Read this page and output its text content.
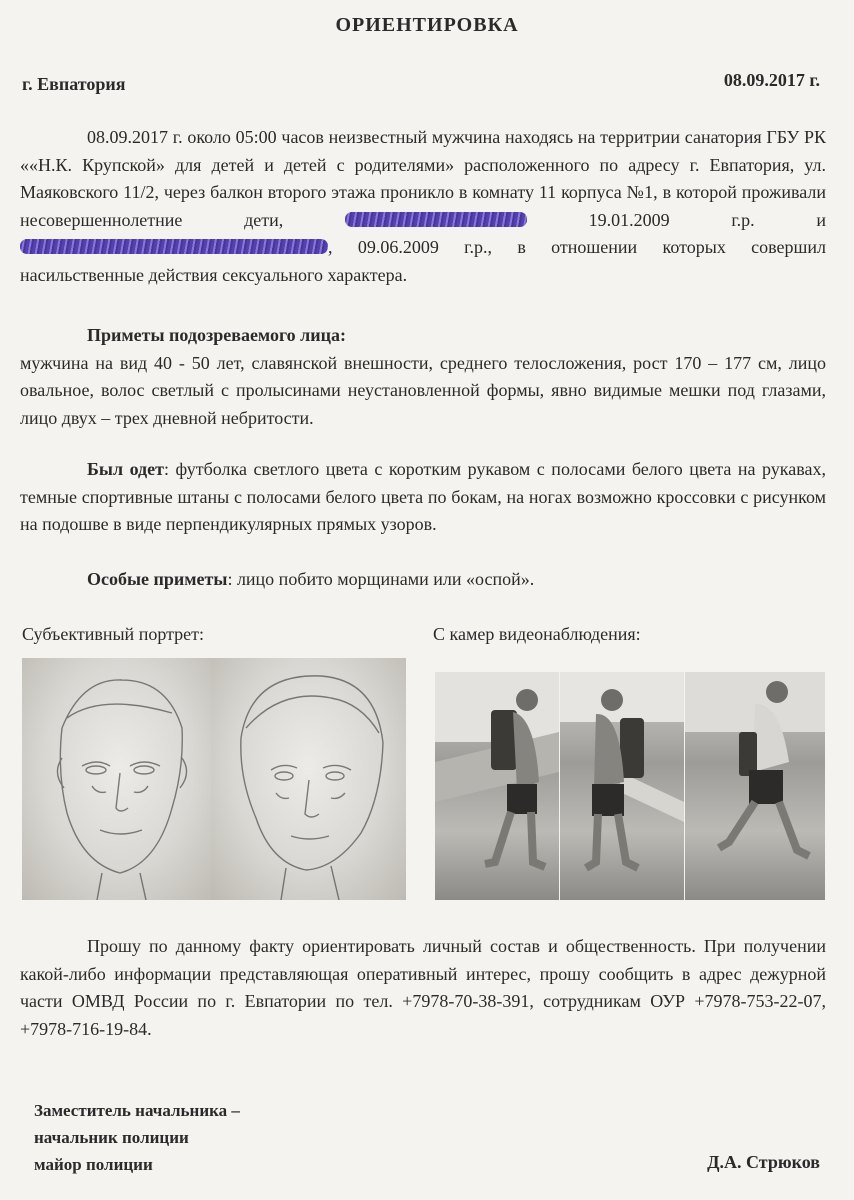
ОРИЕНТИРОВКА
г. Евпатория	08.09.2017 г.
08.09.2017 г. около 05:00 часов неизвестный мужчина находясь на территрии санатория ГБУ РК ««Н.К. Крупской» для детей и детей с родителями» расположенного по адресу г. Евпатория, ул. Маяковского 11/2, через балкон второго этажа проникло в комнату 11 корпуса №1, в которой проживали несовершеннолетние дети,	19.01.2009 г.р. и , 09.06.2009 г.р., в отношении которых совершил насильственные действия сексуального характера.
Приметы подозреваемого лица:
мужчина на вид 40 - 50 лет, славянской внешности, среднего телосложения, рост 170 – 177 см, лицо овальное, волос светлый с пролысинами неустановленной формы, явно видимые мешки под глазами, лицо двух – трех дневной небритости.
Был одет: футболка светлого цвета с коротким рукавом с полосами белого цвета на рукавах, темные спортивные штаны с полосами белого цвета по бокам, на ногах возможно кроссовки с рисунком на подошве в виде перпендикулярных прямых узоров.
Особые приметы: лицо побито морщинами или «оспой».
Субъективный портрет:	С камер видеонаблюдения:
Прошу по данному факту ориентировать личный состав и общественность. При получении какой-либо информации представляющая оперативный интерес, прошу сообщить в адрес дежурной части ОМВД России по г. Евпатории по тел. +7978-70-38-391, сотрудникам ОУР +7978-753-22-07, +7978-716-19-84.
Заместитель начальника –
начальник полиции
майор полиции	Д.А. Стрюков
